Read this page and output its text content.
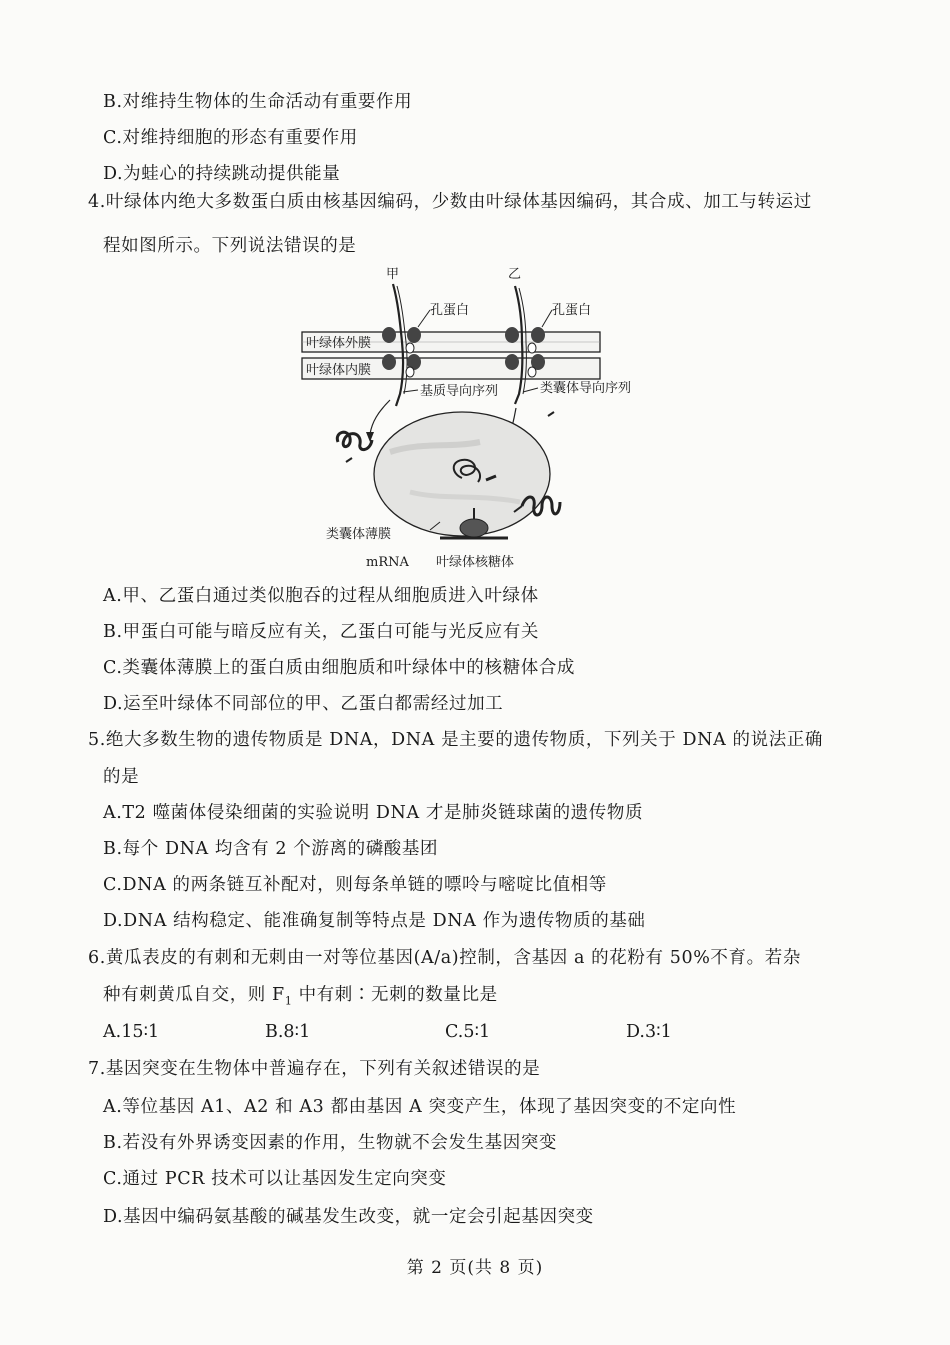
B.对维持生物体的生命活动有重要作用
C.对维持细胞的形态有重要作用
D.为蛙心的持续跳动提供能量
4.叶绿体内绝大多数蛋白质由核基因编码，少数由叶绿体基因编码，其合成、加工与转运过
程如图所示。下列说法错误的是
叶绿体外膜
叶绿体内膜
甲
孔蛋白
乙
孔蛋白
基质导向序列	类囊体导向序列
类囊体薄膜
mRNA 叶绿体核糖体
A.甲、乙蛋白通过类似胞吞的过程从细胞质进入叶绿体
B.甲蛋白可能与暗反应有关，乙蛋白可能与光反应有关
C.类囊体薄膜上的蛋白质由细胞质和叶绿体中的核糖体合成
D.运至叶绿体不同部位的甲、乙蛋白都需经过加工
5.绝大多数生物的遗传物质是 DNA，DNA 是主要的遗传物质，下列关于 DNA 的说法正确
的是
A.T2 噬菌体侵染细菌的实验说明 DNA 才是肺炎链球菌的遗传物质
B.每个 DNA 均含有 2 个游离的磷酸基团
C.DNA 的两条链互补配对，则每条单链的嘌呤与嘧啶比值相等
D.DNA 结构稳定、能准确复制等特点是 DNA 作为遗传物质的基础
6.黄瓜表皮的有刺和无刺由一对等位基因(A/a)控制，含基因 a 的花粉有 50%不育。若杂
种有刺黄瓜自交，则 $F_1$ 中有刺∶无刺的数量比是
A.15∶1	B.8∶1	C.5∶1	D.3∶1
7.基因突变在生物体中普遍存在，下列有关叙述错误的是
A.等位基因 A1、A2 和 A3 都由基因 A 突变产生，体现了基因突变的不定向性
B.若没有外界诱变因素的作用，生物就不会发生基因突变
C.通过 PCR 技术可以让基因发生定向突变
D.基因中编码氨基酸的碱基发生改变，就一定会引起基因突变
第 2 页(共 8 页)
